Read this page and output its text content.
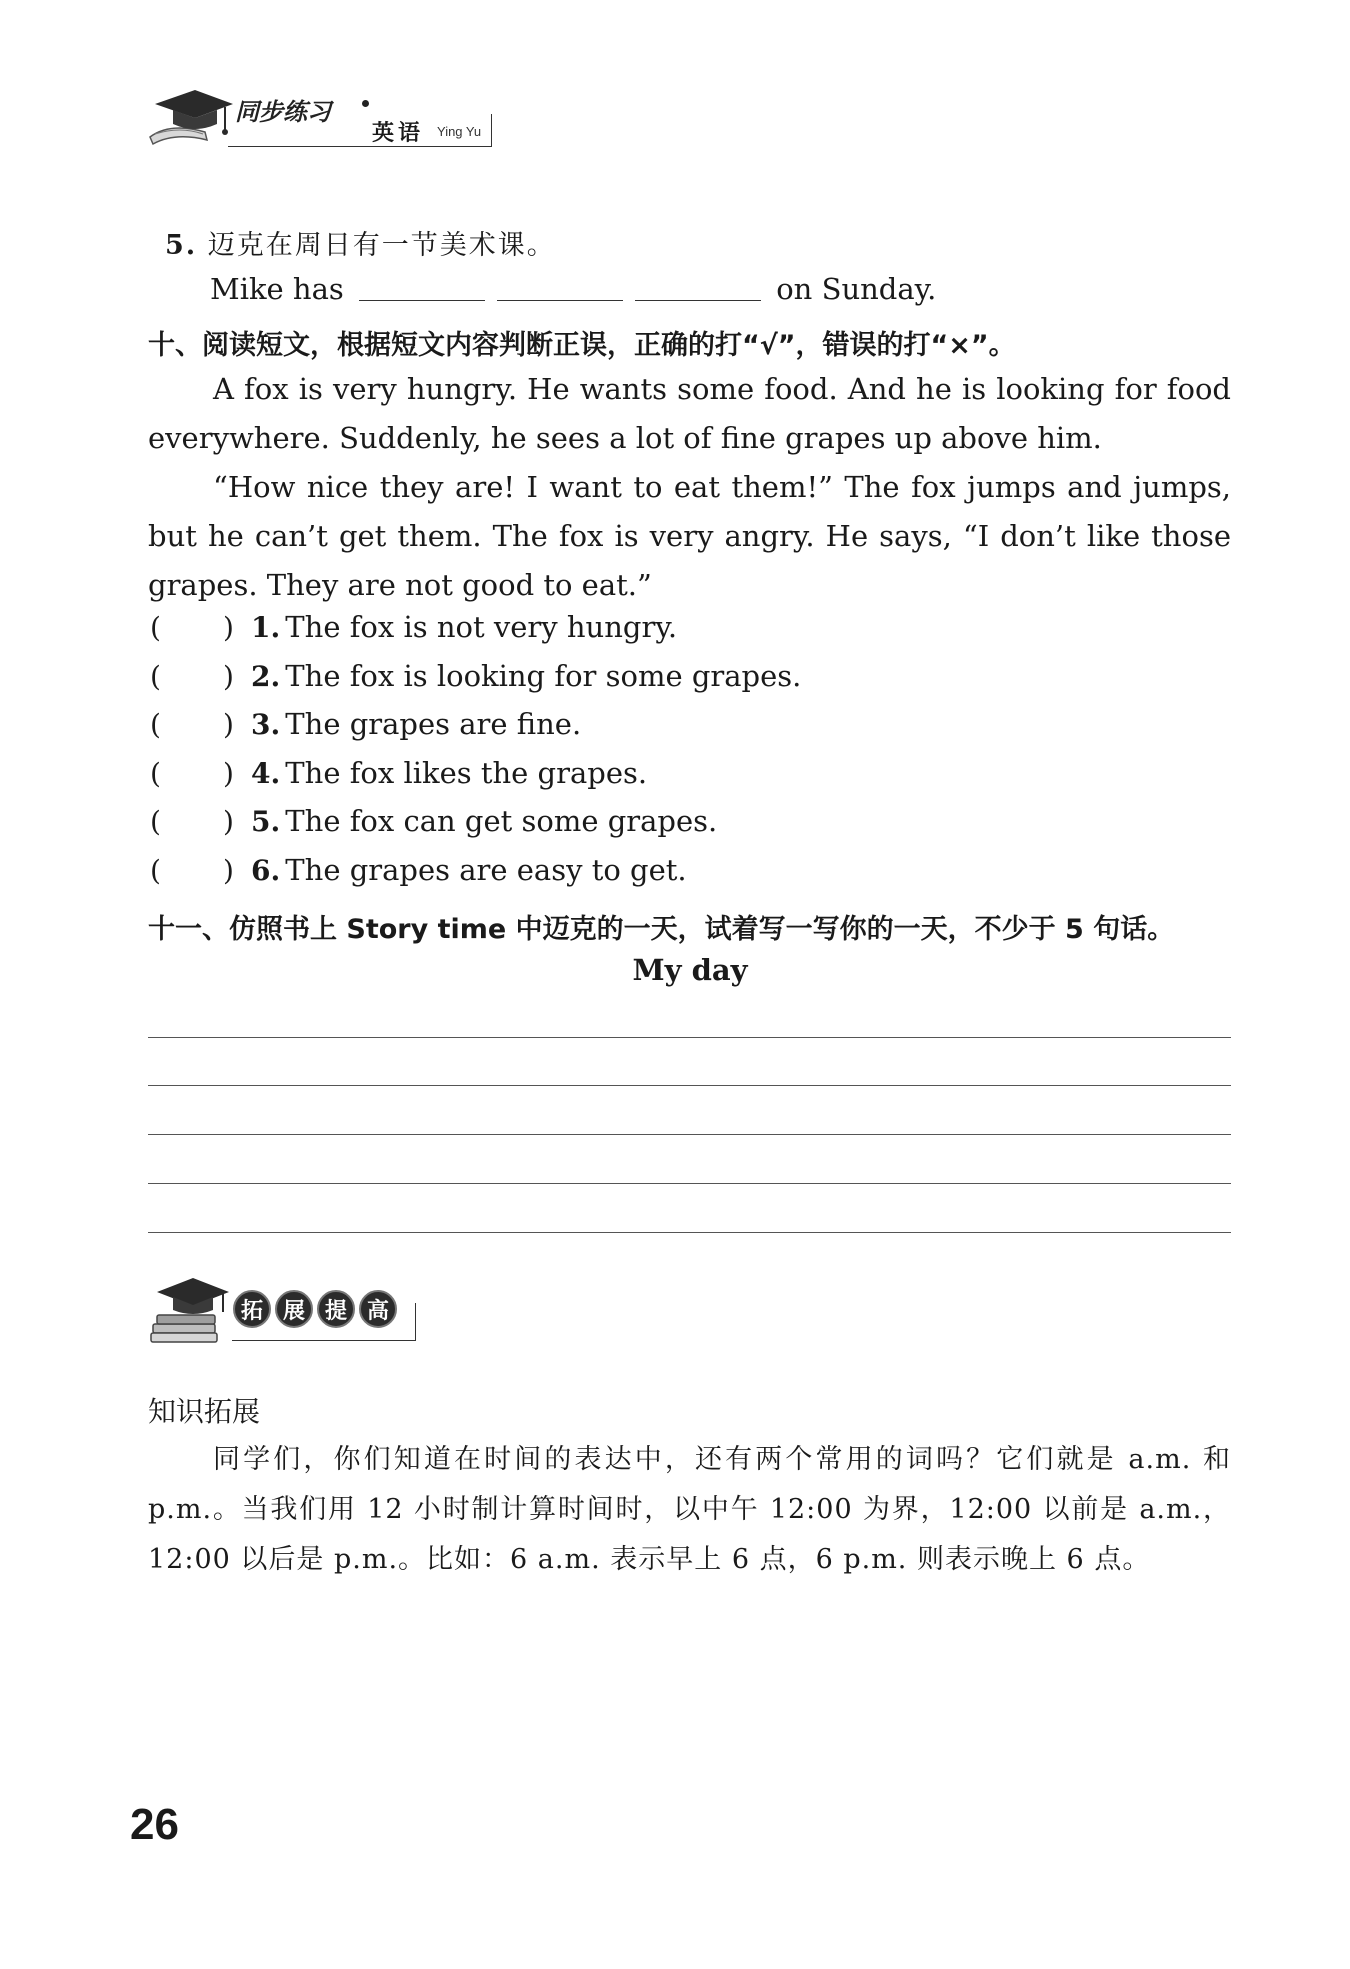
同步练习
英语 Ying Yu
5. 迈克在周日有一节美术课。
Mike has	on Sunday.
十、阅读短文，根据短文内容判断正误，正确的打“√”，错误的打“×”。
A fox is very hungry. He wants some food. And he is looking for food everywhere. Suddenly, he sees a lot of fine grapes up above him.
“How nice they are! I want to eat them!” The fox jumps and jumps, but he can’t get them. The fox is very angry. He says, “I don’t like those grapes. They are not good to eat.”
( ) 1. The fox is not very hungry.
( ) 2. The fox is looking for some grapes.
( ) 3. The grapes are fine.
( ) 4. The fox likes the grapes.
( ) 5. The fox can get some grapes.
( ) 6. The grapes are easy to get.
十一、仿照书上 Story time 中迈克的一天，试着写一写你的一天，不少于 5 句话。
My day
拓 展 提 高
知识拓展
同学们，你们知道在时间的表达中，还有两个常用的词吗？它们就是 a.m. 和p.m.。当我们用 12 小时制计算时间时，以中午 12:00 为界，12:00 以前是 a.m.，12:00 以后是 p.m.。比如：6 a.m. 表示早上 6 点，6 p.m. 则表示晚上 6 点。
26
